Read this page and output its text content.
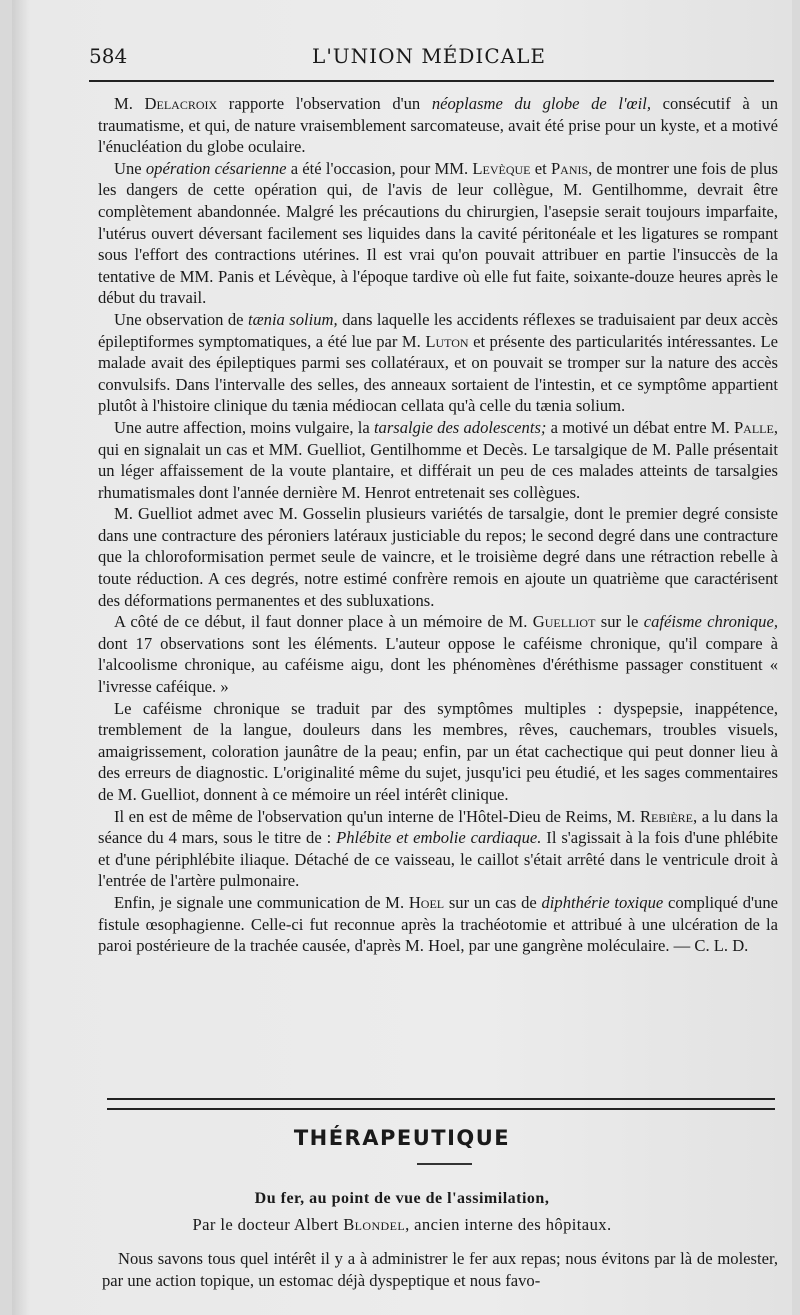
584	L'UNION MÉDICALE

M. Delacroix rapporte l'observation d'un néoplasme du globe de l'œil, consécutif à un traumatisme, et qui, de nature vraisemblement sarcomateuse, avait été prise pour un kyste, et a motivé l'énucléation du globe oculaire.

Une opération césarienne a été l'occasion, pour MM. Levèque et Panis, de montrer une fois de plus les dangers de cette opération qui, de l'avis de leur collègue, M. Gentilhomme, devrait être complètement abandonnée. Malgré les précautions du chirurgien, l'asepsie serait toujours imparfaite, l'utérus ouvert déversant facilement ses liquides dans la cavité péritonéale et les ligatures se rompant sous l'effort des contractions utérines. Il est vrai qu'on pouvait attribuer en partie l'insuccès de la tentative de MM. Panis et Lévèque, à l'époque tardive où elle fut faite, soixante-douze heures après le début du travail.

Une observation de tænia solium, dans laquelle les accidents réflexes se traduisaient par deux accès épileptiformes symptomatiques, a été lue par M. Luton et présente des particularités intéressantes. Le malade avait des épileptiques parmi ses collatéraux, et on pouvait se tromper sur la nature des accès convulsifs. Dans l'intervalle des selles, des anneaux sortaient de l'intestin, et ce symptôme appartient plutôt à l'histoire clinique du tænia médiocan cellata qu'à celle du tænia solium.

Une autre affection, moins vulgaire, la tarsalgie des adolescents; a motivé un débat entre M. Palle, qui en signalait un cas et MM. Guelliot, Gentilhomme et Decès. Le tarsalgique de M. Palle présentait un léger affaissement de la voute plantaire, et différait un peu de ces malades atteints de tarsalgies rhumatismales dont l'année dernière M. Henrot entretenait ses collègues.

M. Guelliot admet avec M. Gosselin plusieurs variétés de tarsalgie, dont le premier degré consiste dans une contracture des péroniers latéraux justiciable du repos; le second degré dans une contracture que la chloroformisation permet seule de vaincre, et le troisième degré dans une rétraction rebelle à toute réduction. A ces degrés, notre estimé confrère remois en ajoute un quatrième que caractérisent des déformations permanentes et des subluxations.

A côté de ce début, il faut donner place à un mémoire de M. Guelliot sur le caféisme chronique, dont 17 observations sont les éléments. L'auteur oppose le caféisme chronique, qu'il compare à l'alcoolisme chronique, au caféisme aigu, dont les phénomènes d'éréthisme passager constituent « l'ivresse caféique. »

Le caféisme chronique se traduit par des symptômes multiples : dyspepsie, inappétence, tremblement de la langue, douleurs dans les membres, rêves, cauchemars, troubles visuels, amaigrissement, coloration jaunâtre de la peau; enfin, par un état cachectique qui peut donner lieu à des erreurs de diagnostic. L'originalité même du sujet, jusqu'ici peu étudié, et les sages commentaires de M. Guelliot, donnent à ce mémoire un réel intérêt clinique.

Il en est de même de l'observation qu'un interne de l'Hôtel-Dieu de Reims, M. Rebière, a lu dans la séance du 4 mars, sous le titre de : Phlébite et embolie cardiaque. Il s'agissait à la fois d'une phlébite et d'une périphlébite iliaque. Détaché de ce vaisseau, le caillot s'était arrêté dans le ventricule droit à l'entrée de l'artère pulmonaire.

Enfin, je signale une communication de M. Hoel sur un cas de diphthérie toxique compliqué d'une fistule œsophagienne. Celle-ci fut reconnue après la trachéotomie et attribué à une ulcération de la paroi postérieure de la trachée causée, d'après M. Hoel, par une gangrène moléculaire. — C. L. D.

THÉRAPEUTIQUE
Du fer, au point de vue de l'assimilation,
Par le docteur Albert Blondel, ancien interne des hôpitaux.

Nous savons tous quel intérêt il y a à administrer le fer aux repas; nous évitons par là de molester, par une action topique, un estomac déjà dyspeptique et nous favo-
